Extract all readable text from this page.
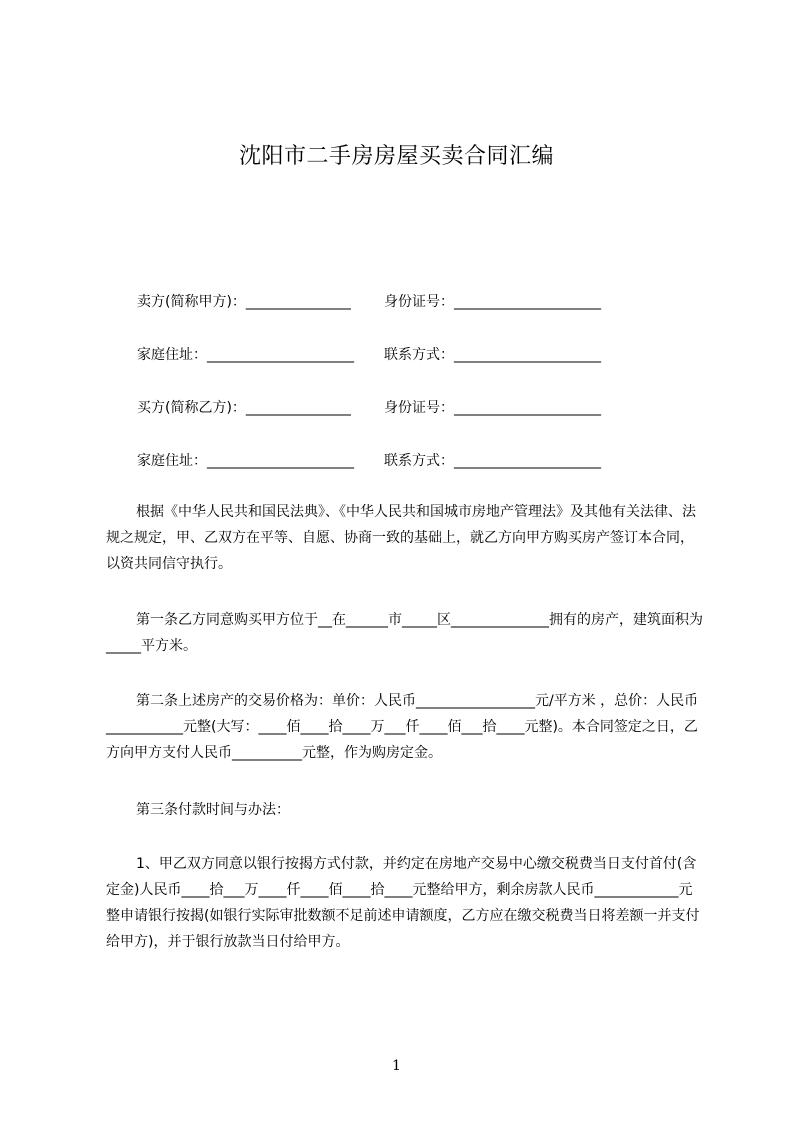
沈阳市二手房房屋买卖合同汇编
卖方(简称甲方)：_______________ 身份证号：_____________________
家庭住址：_____________________ 联系方式：_____________________
买方(简称乙方)：_______________ 身份证号：_____________________
家庭住址：_____________________ 联系方式：_____________________

根据《中华人民共和国民法典》、《中华人民共和国城市房地产管理法》及其他有关法律、法规之规定，甲、乙双方在平等、自愿、协商一致的基础上，就乙方向甲方购买房产签订本合同，以资共同信守执行。

第一条乙方同意购买甲方位于__在______市_____区______________拥有的房产，建筑面积为_____平方米。

第二条上述房产的交易价格为：单价：人民币_________________元/平方米 ，总价：人民币___________元整(大写：____佰____拾____万___仟____佰___拾____元整)。本合同签定之日，乙方向甲方支付人民币__________元整，作为购房定金。

第三条付款时间与办法：

1、甲乙双方同意以银行按揭方式付款，并约定在房地产交易中心缴交税费当日支付首付(含定金)人民币____拾___万____仟____佰____拾____元整给甲方，剩余房款人民币____________元整申请银行按揭(如银行实际审批数额不足前述申请额度，乙方应在缴交税费当日将差额一并支付给甲方)，并于银行放款当日付给甲方。

1
